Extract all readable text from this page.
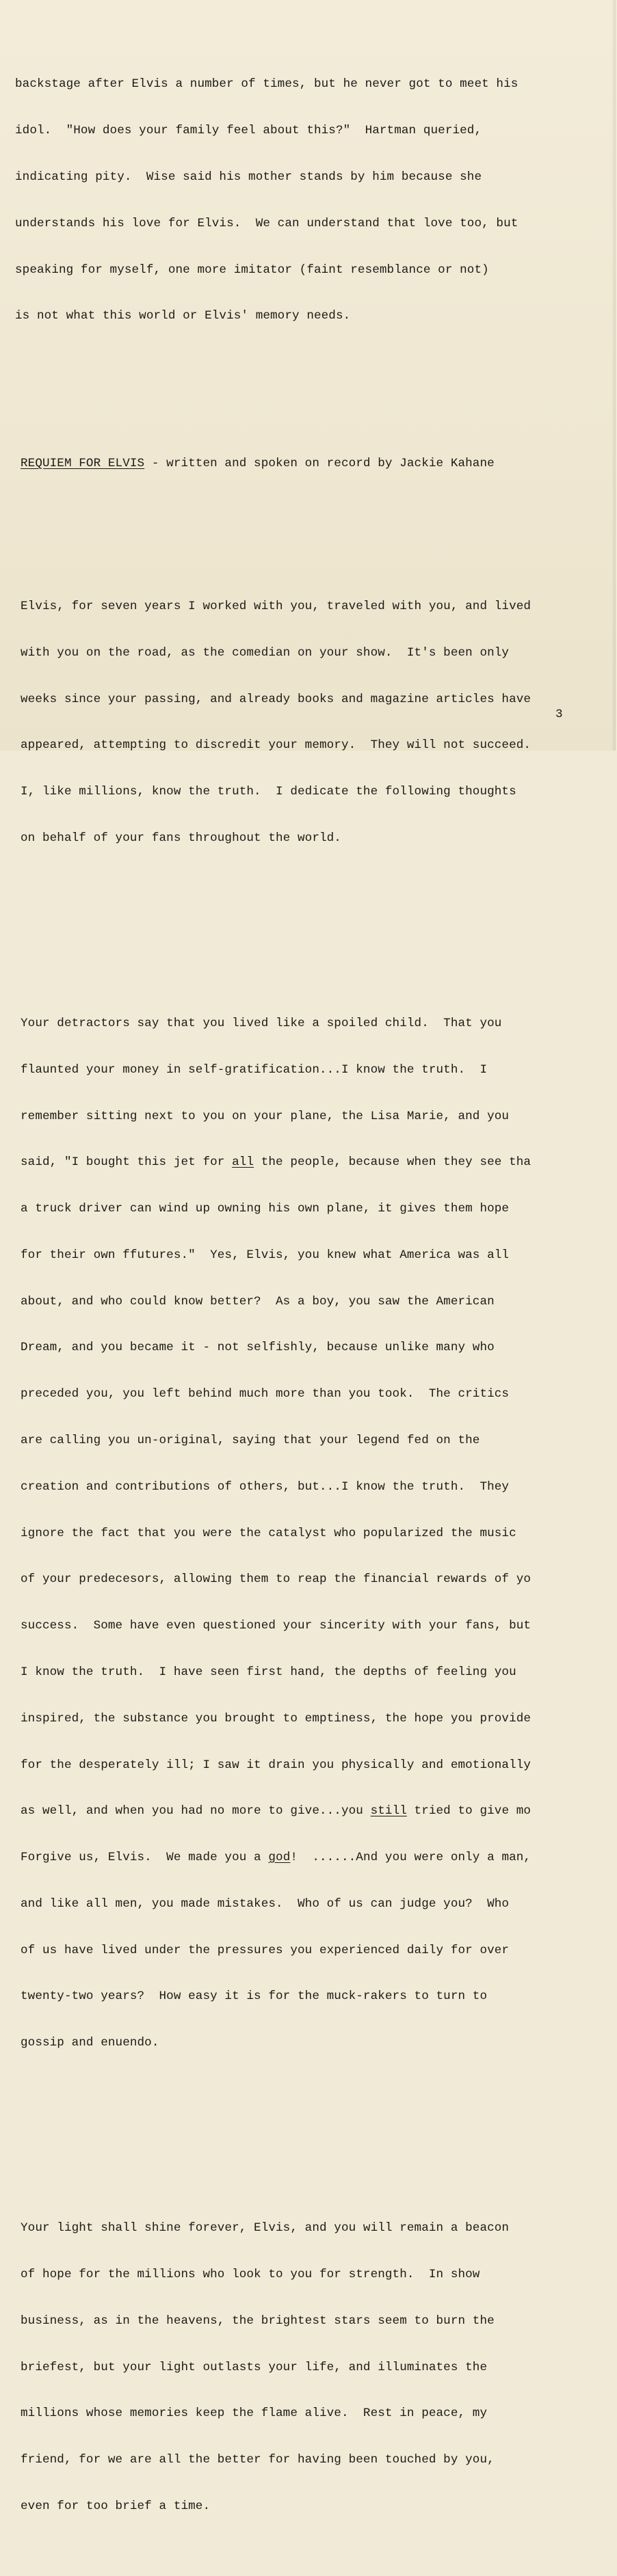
backstage after Elvis a number of times, but he never got to meet his

idol.  "How does your family feel about this?"  Hartman queried,

indicating pity.  Wise said his mother stands by him because she

understands his love for Elvis.  We can understand that love too, but

speaking for myself, one more imitator (faint resemblance or not)

is not what this world or Elvis' memory needs.

REQUIEM FOR ELVIS - written and spoken on record by Jackie Kahane

Elvis, for seven years I worked with you, traveled with you, and lived

with you on the road, as the comedian on your show.  It's been only

weeks since your passing, and already books and magazine articles have

appeared, attempting to discredit your memory.  They will not succeed.

I, like millions, know the truth.  I dedicate the following thoughts

on behalf of your fans throughout the world.

Your detractors say that you lived like a spoiled child.  That you

flaunted your money in self-gratification...I know the truth.  I

remember sitting next to you on your plane, the Lisa Marie, and you

said, "I bought this jet for all the people, because when they see tha

a truck driver can wind up owning his own plane, it gives them hope

for their own ffutures."  Yes, Elvis, you knew what America was all

about, and who could know better?  As a boy, you saw the American

Dream, and you became it - not selfishly, because unlike many who

preceded you, you left behind much more than you took.  The critics

are calling you un-original, saying that your legend fed on the

creation and contributions of others, but...I know the truth.  They

ignore the fact that you were the catalyst who popularized the music

of your predecesors, allowing them to reap the financial rewards of yo

success.  Some have even questioned your sincerity with your fans, but

I know the truth.  I have seen first hand, the depths of feeling you

inspired, the substance you brought to emptiness, the hope you provide

for the desperately ill; I saw it drain you physically and emotionally

as well, and when you had no more to give...you still tried to give mo

Forgive us, Elvis.  We made you a god!  ......And you were only a man,

and like all men, you made mistakes.  Who of us can judge you?  Who

of us have lived under the pressures you experienced daily for over

twenty-two years?  How easy it is for the muck-rakers to turn to

gossip and enuendo.

Your light shall shine forever, Elvis, and you will remain a beacon

of hope for the millions who look to you for strength.  In show

business, as in the heavens, the brightest stars seem to burn the

briefest, but your light outlasts your life, and illuminates the

millions whose memories keep the flame alive.  Rest in peace, my

friend, for we are all the better for having been touched by you,

even for too brief a time.

3
